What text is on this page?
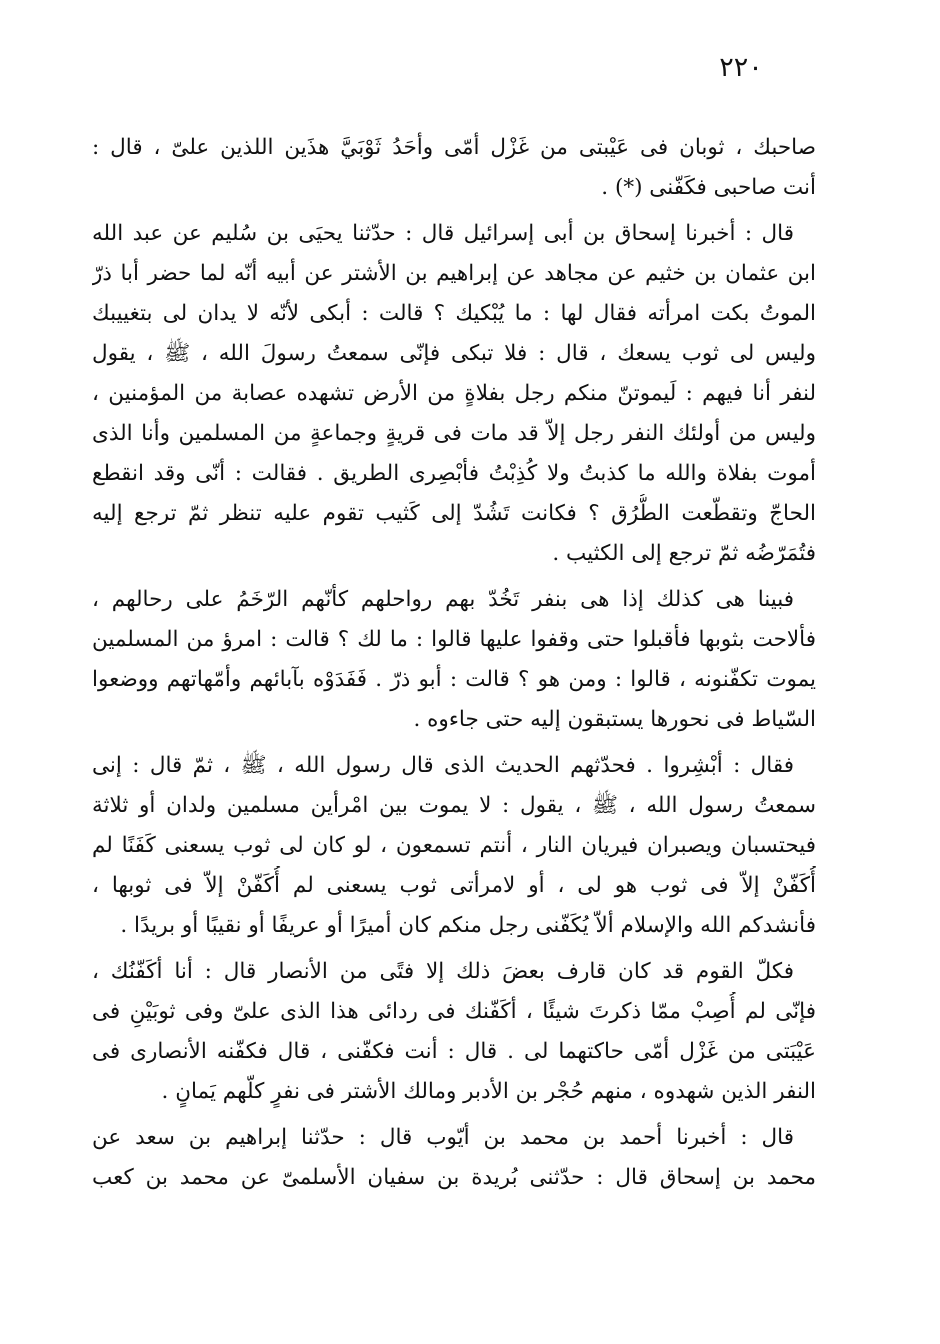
٢٢٠
صاحبك ، ثوبان فى عَيْبتى من غَزْل أمّى وأحَدُ ثَوْبَيَّ هذَين اللذين علىّ ، قال :
أنت صاحبى فكَفّنى (*) .
قال : أخبرنا إسحاق بن أبى إسرائيل قال : حدّثنا يحيَى بن سُليم عن عبد الله
ابن عثمان بن خثيم عن مجاهد عن إبراهيم بن الأشتر عن أبيه أنّه لما حضر أبا ذرّ
الموتُ بكت امرأته فقال لها : ما يُبْكيك ؟ قالت : أبكى لأنّه لا يدان لى بتغييبك
وليس لى ثوب يسعك ، قال : فلا تبكى فإنّى سمعتُ رسولَ الله ، ﷺ ، يقول
لنفر أنا فيهم : لَيموتنّ منكم رجل بفلاةٍ من الأرض تشهده عصابة من المؤمنين ،
وليس من أولئك النفر رجل إلاّ قد مات فى قريةٍ وجماعةٍ من المسلمين وأنا الذى
أموت بفلاة والله ما كذبتُ ولا كُذِبْتُ فأبْصِرى الطريق . فقالت : أنّى وقد انقطع
الحاجّ وتقطّعت الطُّرُق ؟ فكانت تَشُدّ إلى كَثيب تقوم عليه تنظر ثمّ ترجع إليه
فتُمَرّضُه ثمّ ترجع إلى الكثيب .
فبينا هى كذلك إذا هى بنفر تَخُدّ بهم رواحلهم كأنّهم الرّخَمُ على رحالهم ،
فألاحت بثوبها فأقبلوا حتى وقفوا عليها قالوا : ما لك ؟ قالت : امرؤ من المسلمين
يموت تكفّنونه ، قالوا : ومن هو ؟ قالت : أبو ذرّ . فَفَدَوْه بآبائهم وأمّهاتهم ووضعوا
السّياط فى نحورها يستبقون إليه حتى جاءوه .
فقال : أبْشِروا . فحدّثهم الحديث الذى قال رسول الله ، ﷺ ، ثمّ قال : إنى
سمعتُ رسول الله ، ﷺ ، يقول : لا يموت بين امْرأين مسلمين ولدان أو ثلاثة
فيحتسبان ويصبران فيريان النار ، أنتم تسمعون ، لو كان لى ثوب يسعنى كَفَنًا لم
أُكَفّنْ إلاّ فى ثوب هو لى ، أو لامرأتى ثوب يسعنى لم أُكَفّنْ إلاّ فى ثوبها ،
فأنشدكم الله والإسلام ألاّ يُكَفّنى رجل منكم كان أميرًا أو عريفًا أو نقيبًا أو بريدًا .
فكلّ القوم قد كان قارف بعضَ ذلك إلا فتًى من الأنصار قال : أنا أكَفّنُك ،
فإنّى لم أُصِبْ ممّا ذكرتَ شيئًا ، أكَفّنك فى ردائى هذا الذى علىّ وفى ثوبَيْنِ فى
عَيْبَتى من غَزْل أمّى حاكتهما لى . قال : أنت فكفّنى ، قال فكفّنه الأنصارى فى
النفر الذين شهدوه ، منهم حُجْر بن الأدبر ومالك الأشتر فى نفرٍ كلّهم يَمانٍ .
قال : أخبرنا أحمد بن محمد بن أيّوب قال : حدّثنا إبراهيم بن سعد عن
محمد بن إسحاق قال : حدّثنى بُريدة بن سفيان الأسلمىّ عن محمد بن كعب
